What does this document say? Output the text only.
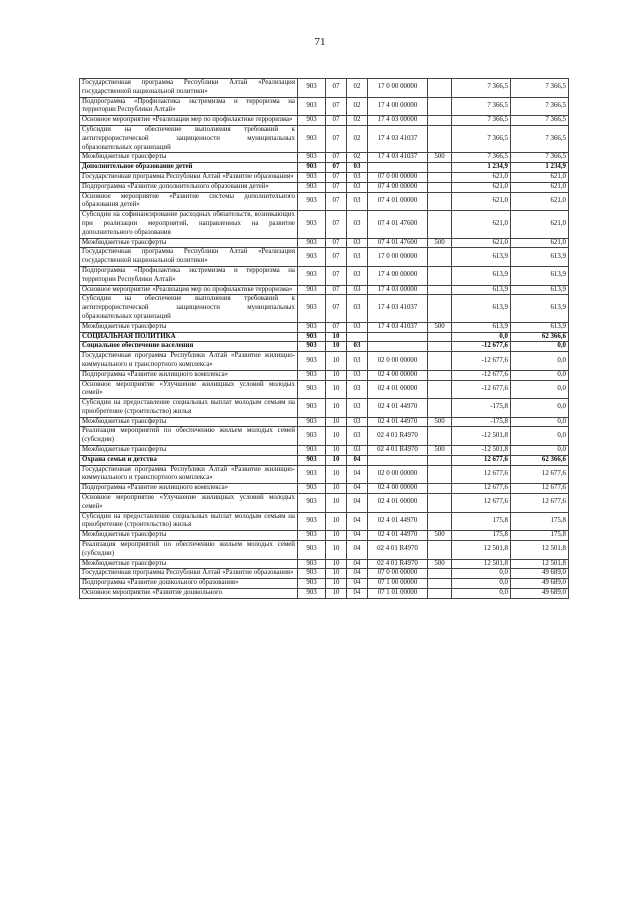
71
Государственная программа Республики Алтай «Реализация государственной национальной политики»	903	07	02	17 0 00 00000		7 366,5	7 366,5
Подпрограмма «Профилактика экстремизма и терроризма на территории Республики Алтай»	903	07	02	17 4 00 00000		7 366,5	7 366,5
Основное мероприятие «Реализация мер по профилактике терроризма»	903	07	02	17 4 03 00000		7 366,5	7 366,5
Субсидии на обеспечение выполнения требований к антитеррористической защищенности муниципальных образовательных организаций	903	07	02	17 4 03 41037		7 366,5	7 366,5
Межбюджетные трансферты	903	07	02	17 4 03 41037	500	7 366,5	7 366,5
Дополнительное образование детей	903	07	03			1 234,9	1 234,9
Государственная программа Республики Алтай «Развитие образования»	903	07	03	07 0 00 00000		621,0	621,0
Подпрограмма «Развитие дополнительного образования детей»	903	07	03	07 4 00 00000		621,0	621,0
Основное мероприятие «Развитие системы дополнительного образования детей»	903	07	03	07 4 01 00000		621,0	621,0
Субсидии на софинансирование расходных обязательств, возникающих при реализации мероприятий, направленных на развитие дополнительного образования	903	07	03	07 4 01 47600		621,0	621,0
Межбюджетные трансферты	903	07	03	07 4 01 47600	500	621,0	621,0
Государственная программа Республики Алтай «Реализация государственной национальной политики»	903	07	03	17 0 00 00000		613,9	613,9
Подпрограмма «Профилактика экстремизма и терроризма на территории Республики Алтай»	903	07	03	17 4 00 00000		613,9	613,9
Основное мероприятие «Реализация мер по профилактике терроризма»	903	07	03	17 4 03 00000		613,9	613,9
Субсидии на обеспечение выполнения требований к антитеррористической защищенности муниципальных образовательных организаций	903	07	03	17 4 03 41037		613,9	613,9
Межбюджетные трансферты	903	07	03	17 4 03 41037	500	613,9	613,9
СОЦИАЛЬНАЯ ПОЛИТИКА	903	10				0,0	62 366,6
Социальное обеспечение населения	903	10	03			-12 677,6	0,0
Государственная программа Республики Алтай «Развитие жилищно-коммунального и транспортного комплекса»	903	10	03	02 0 00 00000		-12 677,6	0,0
Подпрограмма «Развитие жилищного комплекса»	903	10	03	02 4 00 00000		-12 677,6	0,0
Основное мероприятие «Улучшение жилищных условий молодых семей»	903	10	03	02 4 01 00000		-12 677,6	0,0
Субсидии на предоставление социальных выплат молодым семьям на приобретение (строительство) жилья	903	10	03	02 4 01 44970		-175,8	0,0
Межбюджетные трансферты	903	10	03	02 4 01 44970	500	-175,8	0,0
Реализация мероприятий по обеспечению жильем молодых семей (субсидии)	903	10	03	02 4 01 R4970		-12 501,8	0,0
Межбюджетные трансферты	903	10	03	02 4 01 R4970	500	-12 501,8	0,0
Охрана семьи и детства	903	10	04			12 677,6	62 366,6
Государственная программа Республики Алтай «Развитие жилищно-коммунального и транспортного комплекса»	903	10	04	02 0 00 00000		12 677,6	12 677,6
Подпрограмма «Развитие жилищного комплекса»	903	10	04	02 4 00 00000		12 677,6	12 677,6
Основное мероприятие «Улучшение жилищных условий молодых семей»	903	10	04	02 4 01 00000		12 677,6	12 677,6
Субсидии на предоставление социальных выплат молодым семьям на приобретение (строительство) жилья	903	10	04	02 4 01 44970		175,8	175,8
Межбюджетные трансферты	903	10	04	02 4 01 44970	500	175,8	175,8
Реализация мероприятий по обеспечению жильем молодых семей (субсидии)	903	10	04	02 4 01 R4970		12 501,8	12 501,8
Межбюджетные трансферты	903	10	04	02 4 01 R4970	500	12 501,8	12 501,8
Государственная программа Республики Алтай «Развитие образования»	903	10	04	07 0 00 00000		0,0	49 689,0
Подпрограмма «Развитие дошкольного образования»	903	10	04	07 1 00 00000		0,0	49 689,0
Основное мероприятие «Развитие дошкольного	903	10	04	07 1 01 00000		0,0	49 689,0
